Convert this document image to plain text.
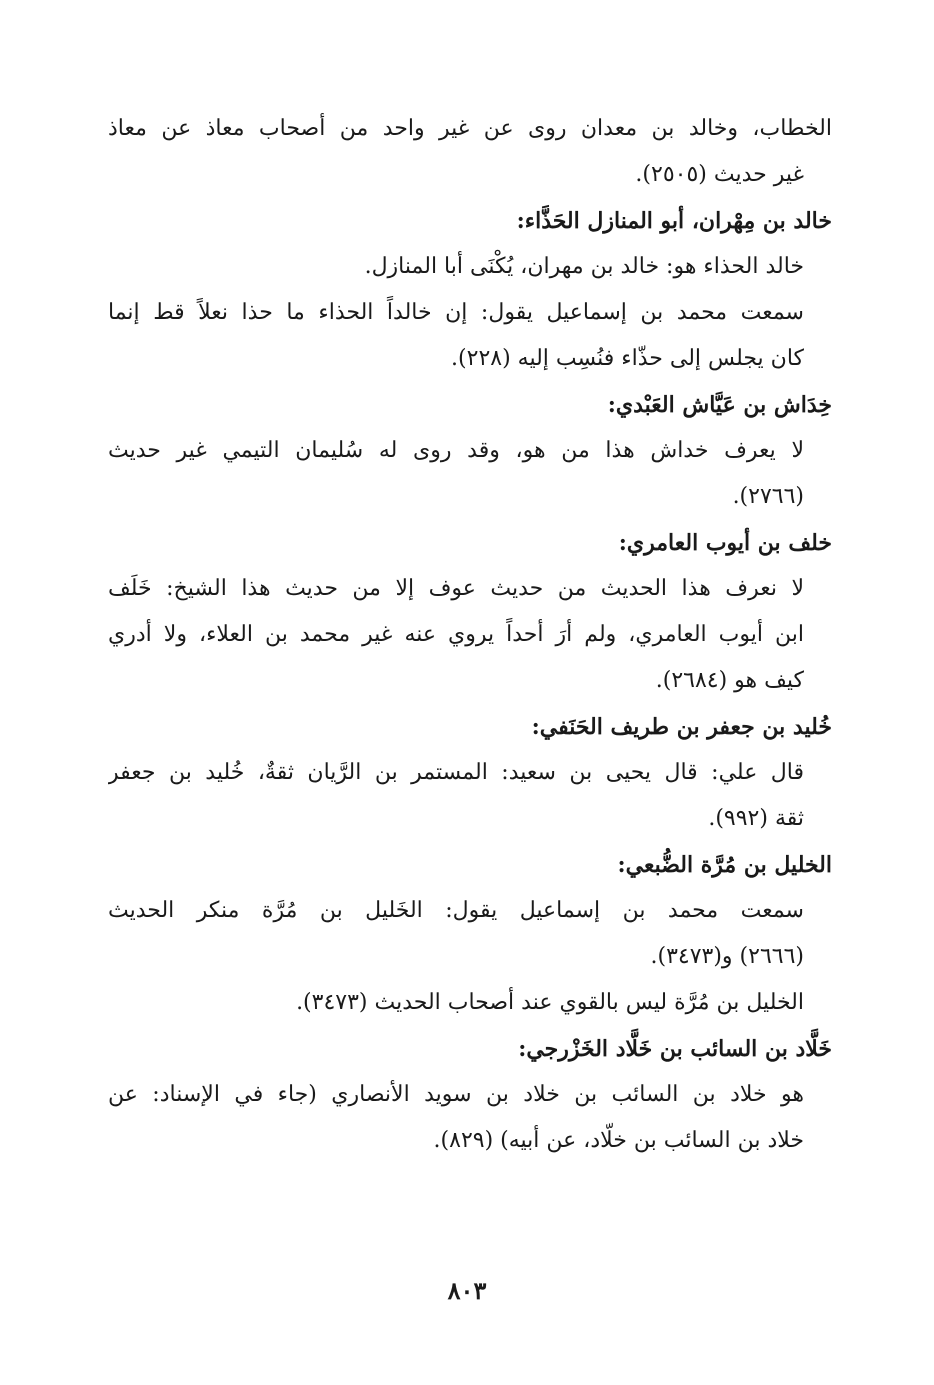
الخطاب، وخالد بن معدان روى عن غير واحد من أصحاب معاذ عن معاذ
غير حديث (٢٥٠٥).
خالد بن مِهْران، أبو المنازل الحَذَّاء:
خالد الحذاء هو: خالد بن مهران، يُكْنَى أبا المنازل.
سمعت محمد بن إسماعيل يقول: إن خالداً الحذاء ما حذا نعلاً قط إنما
كان يجلس إلى حذّاء فنُسِب إليه (٢٢٨).
خِدَاش بن عَيَّاش العَبْدي:
لا يعرف خداش هذا من هو، وقد روى له سُليمان التيمي غير حديث
(٢٧٦٦).
خلف بن أيوب العامري:
لا نعرف هذا الحديث من حديث عوف إلا من حديث هذا الشيخ: خَلَف
ابن أيوب العامري، ولم أرَ أحداً يروي عنه غير محمد بن العلاء، ولا أدري
كيف هو (٢٦٨٤).
خُليد بن جعفر بن طريف الحَنَفي:
قال علي: قال يحيى بن سعيد: المستمر بن الرَّيان ثقةٌ، خُليد بن جعفر
ثقة (٩٩٢).
الخليل بن مُرَّة الضُّبعي:
سمعت محمد بن إسماعيل يقول: الخَليل بن مُرَّة منكر الحديث
(٢٦٦٦) و(٣٤٧٣).
الخليل بن مُرَّة ليس بالقوي عند أصحاب الحديث (٣٤٧٣).
خَلَّاد بن السائب بن خَلَّاد الخَزْرجي:
هو خلاد بن السائب بن خلاد بن سويد الأنصاري (جاء في الإسناد: عن
خلاد بن السائب بن خلّاد، عن أبيه) (٨٢٩).
٨٠٣
